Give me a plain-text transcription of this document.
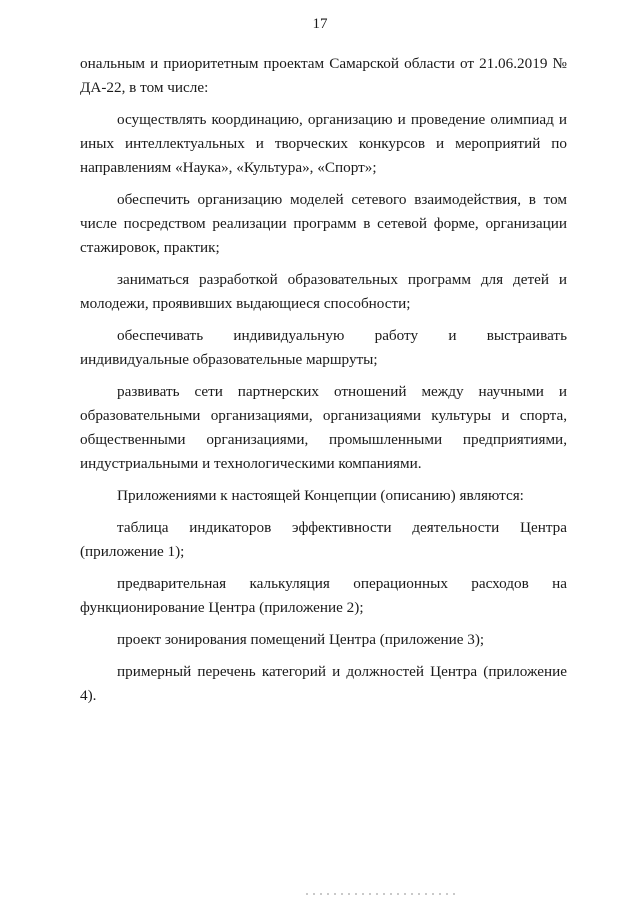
17

ональным и приоритетным проектам Самарской области от 21.06.2019 № ДА-22, в том числе:

осуществлять координацию, организацию и проведение олимпиад и иных интеллектуальных и творческих конкурсов и мероприятий по направлениям «Наука», «Культура», «Спорт»;

обеспечить организацию моделей сетевого взаимодействия, в том числе посредством реализации программ в сетевой форме, организации стажировок, практик;

заниматься разработкой образовательных программ для детей и молодежи, проявивших выдающиеся способности;

обеспечивать индивидуальную работу и выстраивать индивидуальные образовательные маршруты;

развивать сети партнерских отношений между научными и образовательными организациями, организациями культуры и спорта, общественными организациями, промышленными предприятиями, индустриальными и технологическими компаниями.

Приложениями к настоящей Концепции (описанию) являются:

таблица индикаторов эффективности деятельности Центра (приложение 1);

предварительная калькуляция операционных расходов на функционирование Центра (приложение 2);

проект зонирования помещений Центра (приложение 3);

примерный перечень категорий и должностей Центра (приложение 4).
